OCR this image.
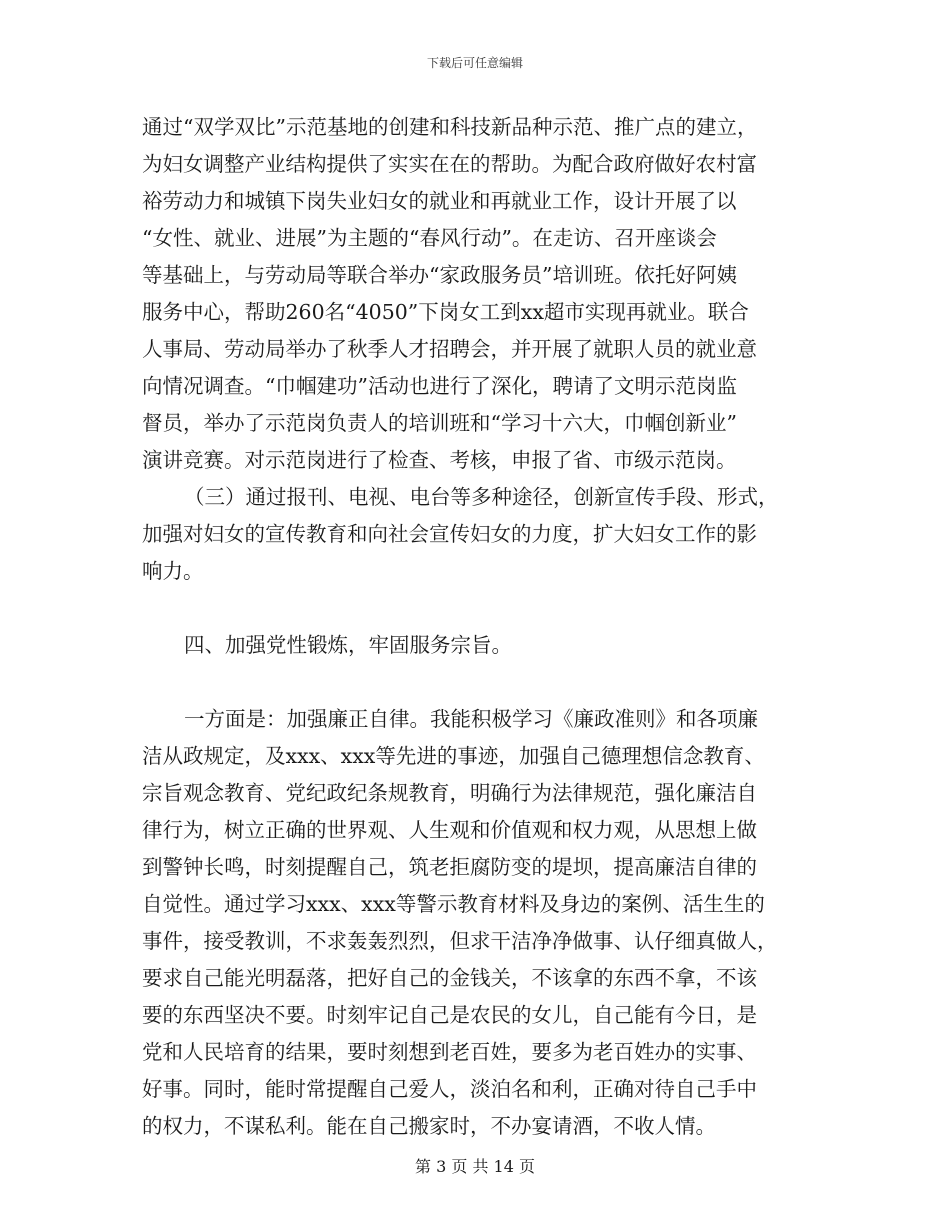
下载后可任意编辑
通过“双学双比”示范基地的创建和科技新品种示范、推广点的建立，
为妇女调整产业结构提供了实实在在的帮助。为配合政府做好农村富
裕劳动力和城镇下岗失业妇女的就业和再就业工作，设计开展了以
“女性、就业、进展”为主题的“春风行动”。在走访、召开座谈会
等基础上，与劳动局等联合举办“家政服务员”培训班。依托好阿姨
服务中心，帮助260名“4050”下岗女工到xx超市实现再就业。联合
人事局、劳动局举办了秋季人才招聘会，并开展了就职人员的就业意
向情况调查。“巾帼建功”活动也进行了深化，聘请了文明示范岗监
督员，举办了示范岗负责人的培训班和“学习十六大，巾帼创新业”
演讲竞赛。对示范岗进行了检查、考核，申报了省、市级示范岗。
（三）通过报刊、电视、电台等多种途径，创新宣传手段、形式，
加强对妇女的宣传教育和向社会宣传妇女的力度，扩大妇女工作的影
响力。
四、加强党性锻炼，牢固服务宗旨。
一方面是：加强廉正自律。我能积极学习《廉政准则》和各项廉
洁从政规定，及xxx、xxx等先进的事迹，加强自己德理想信念教育、
宗旨观念教育、党纪政纪条规教育，明确行为法律规范，强化廉洁自
律行为，树立正确的世界观、人生观和价值观和权力观，从思想上做
到警钟长鸣，时刻提醒自己，筑老拒腐防变的堤坝，提高廉洁自律的
自觉性。通过学习xxx、xxx等警示教育材料及身边的案例、活生生的
事件，接受教训，不求轰轰烈烈，但求干洁净净做事、认仔细真做人，
要求自己能光明磊落，把好自己的金钱关，不该拿的东西不拿，不该
要的东西坚决不要。时刻牢记自己是农民的女儿，自己能有今日，是
党和人民培育的结果，要时刻想到老百姓，要多为老百姓办的实事、
好事。同时，能时常提醒自己爱人，淡泊名和利，正确对待自己手中
的权力，不谋私利。能在自己搬家时，不办宴请酒，不收人情。
第 3 页 共 14 页
